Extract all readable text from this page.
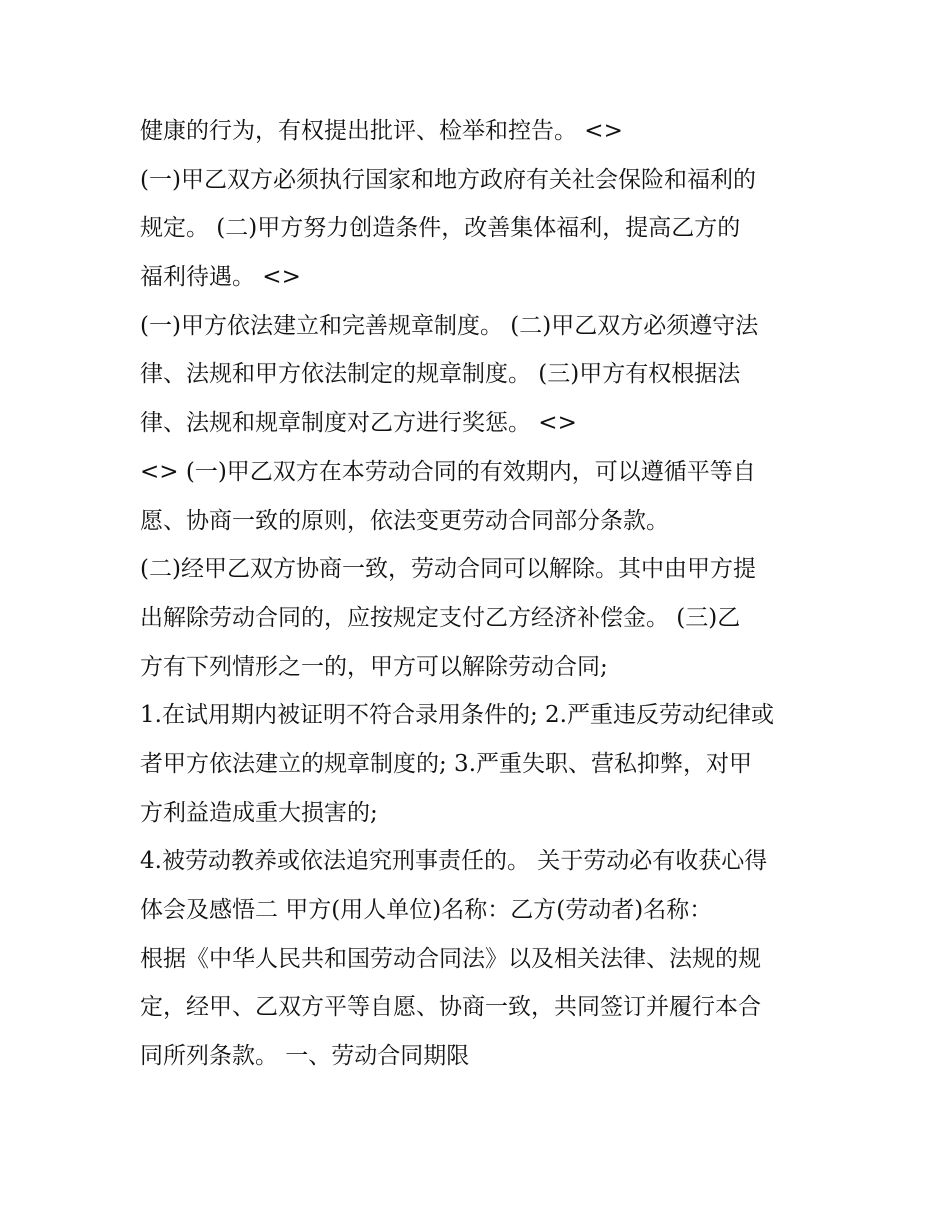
健康的行为，有权提出批评、检举和控告。 <>
(一)甲乙双方必须执行国家和地方政府有关社会保险和福利的
规定。 (二)甲方努力创造条件，改善集体福利，提高乙方的
福利待遇。 <>
(一)甲方依法建立和完善规章制度。 (二)甲乙双方必须遵守法
律、法规和甲方依法制定的规章制度。 (三)甲方有权根据法
律、法规和规章制度对乙方进行奖惩。 <>
<> (一)甲乙双方在本劳动合同的有效期内，可以遵循平等自
愿、协商一致的原则，依法变更劳动合同部分条款。
(二)经甲乙双方协商一致，劳动合同可以解除。其中由甲方提
出解除劳动合同的，应按规定支付乙方经济补偿金。 (三)乙
方有下列情形之一的，甲方可以解除劳动合同;
1.在试用期内被证明不符合录用条件的; 2.严重违反劳动纪律或
者甲方依法建立的规章制度的; 3.严重失职、营私抑弊，对甲
方利益造成重大损害的;
4.被劳动教养或依法追究刑事责任的。 关于劳动必有收获心得
体会及感悟二 甲方(用人单位)名称：乙方(劳动者)名称：
根据《中华人民共和国劳动合同法》以及相关法律、法规的规
定，经甲、乙双方平等自愿、协商一致，共同签订并履行本合
同所列条款。 一、劳动合同期限
